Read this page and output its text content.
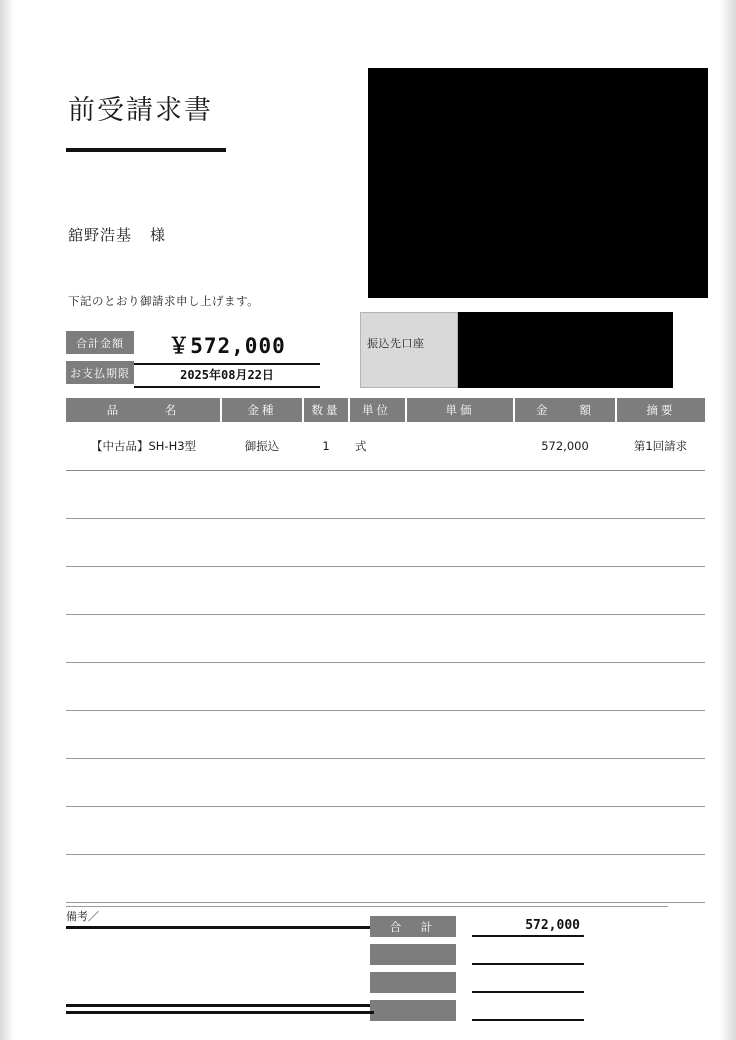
前受請求書
舘野浩基 様
下記のとおり御請求申し上げます。
合計金額	￥572,000
お支払期限	2025年08月22日
振込先口座
品　　　名	金種	数量	単位	単価	金　　額	摘要
【中古品】SH-H3型	御振込	1	式		572,000	第1回請求

備考／
合　計	572,000
